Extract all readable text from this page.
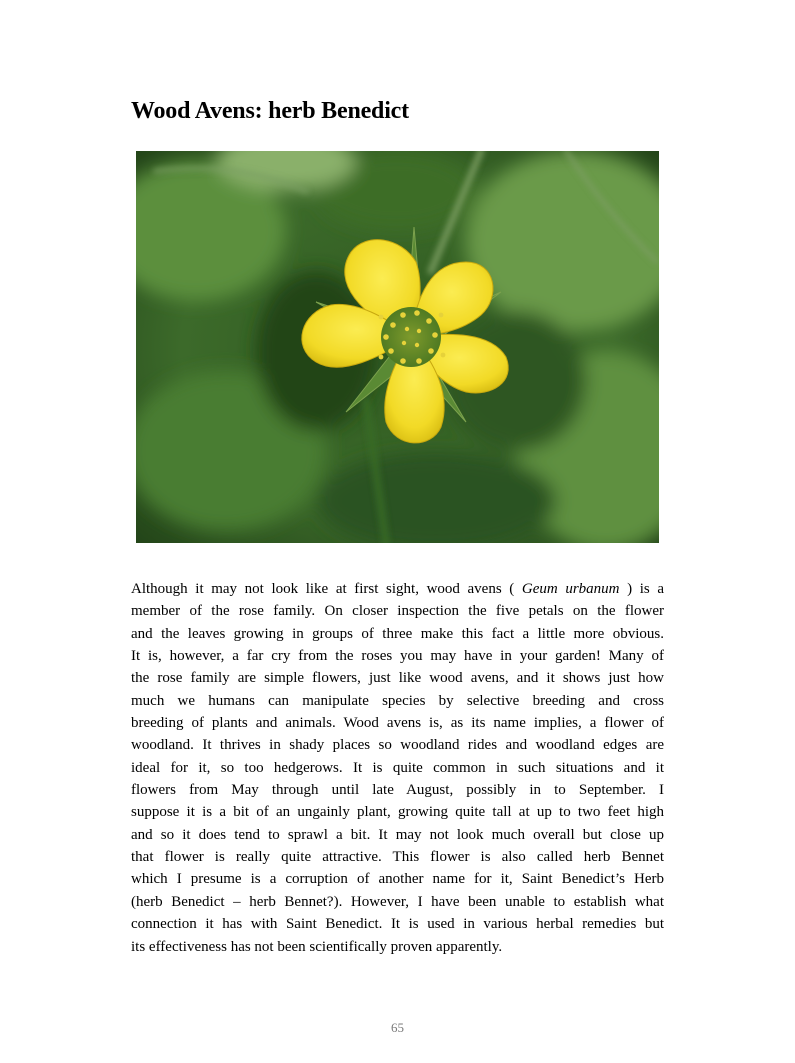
Wood Avens: herb Benedict
Although it may not look like at first sight, wood avens ( Geum urbanum ) is a
member of the rose family. On closer inspection the five petals on the flower
and the leaves growing in groups of three make this fact a little more obvious.
It is, however, a far cry from the roses you may have in your garden! Many of
the rose family are simple flowers, just like wood avens, and it shows just how
much we humans can manipulate species by selective breeding and cross
breeding of plants and animals. Wood avens is, as its name implies, a flower of
woodland. It thrives in shady places so woodland rides and woodland edges are
ideal for it, so too hedgerows. It is quite common in such situations and it
flowers from May through until late August, possibly in to September. I
suppose it is a bit of an ungainly plant, growing quite tall at up to two feet high
and so it does tend to sprawl a bit. It may not look much overall but close up
that flower is really quite attractive. This flower is also called herb Bennet
which I presume is a corruption of another name for it, Saint Benedict’s Herb
(herb Benedict – herb Bennet?). However, I have been unable to establish what
connection it has with Saint Benedict. It is used in various herbal remedies but
its effectiveness has not been scientifically proven apparently.
65
